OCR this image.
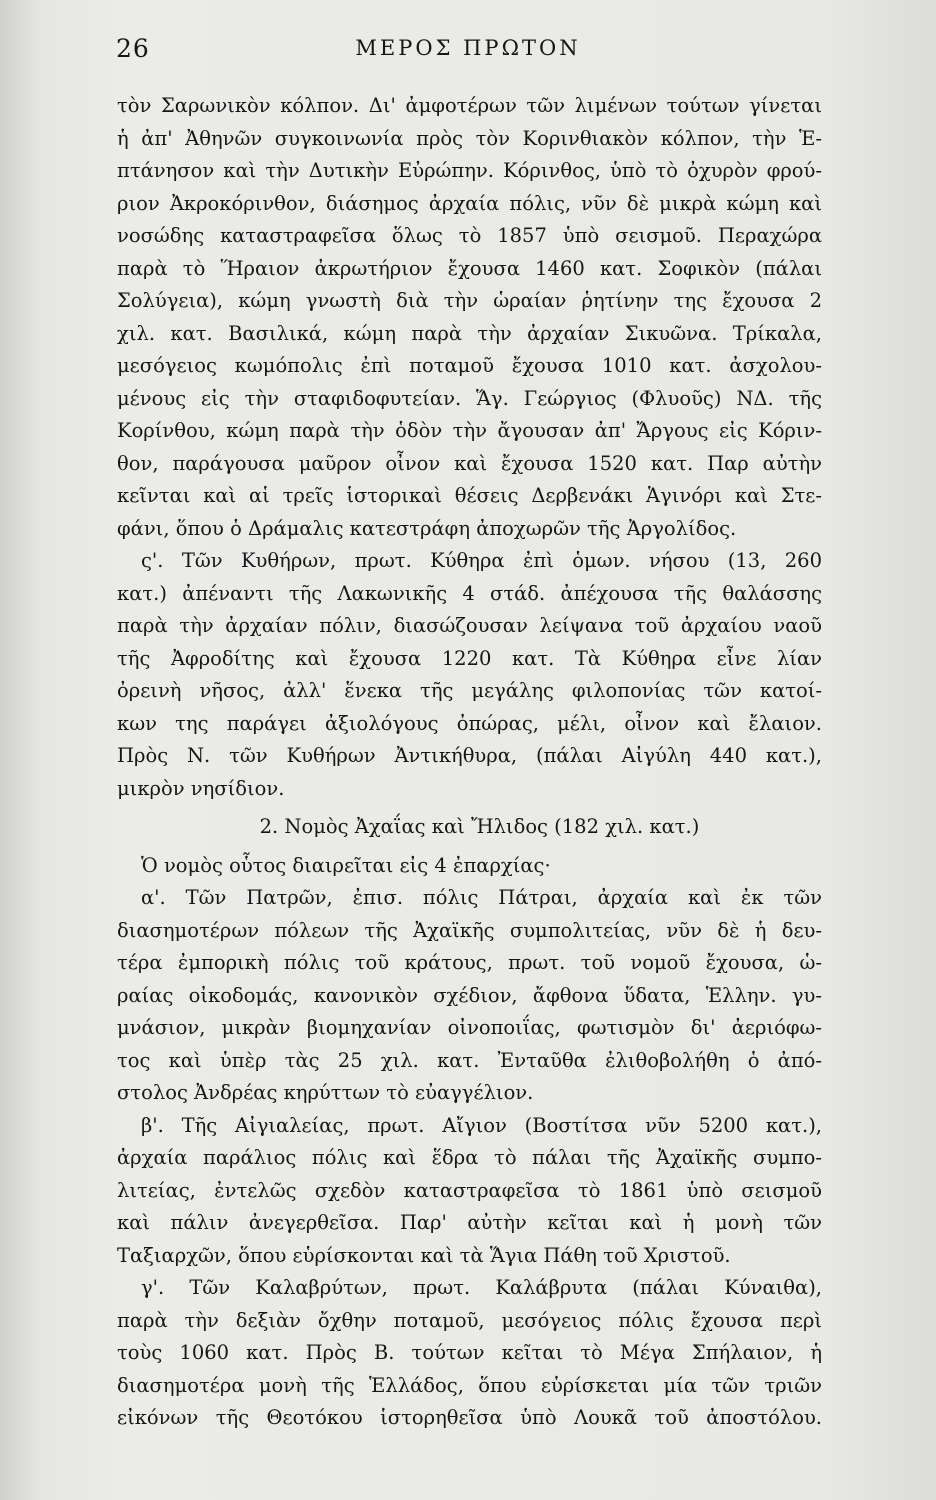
26	ΜΕΡΟΣ ΠΡΩΤΟΝ
τὸν Σαρωνικὸν κόλπον. Δι' ἀμφοτέρων τῶν λιμένων τούτων γίνεται
ἡ ἀπ' Ἀθηνῶν συγκοινωνία πρὸς τὸν Κορινθιακὸν κόλπον, τὴν Ἑ-
πτάνησον καὶ τὴν Δυτικὴν Εὐρώπην. Κόρινθος, ὑπὸ τὸ ὀχυρὸν φρού-
ριον Ἀκροκόρινθον, διάσημος ἀρχαία πόλις, νῦν δὲ μικρὰ κώμη καὶ
νοσώδης καταστραφεῖσα ὅλως τὸ 1857 ὑπὸ σεισμοῦ. Περαχώρα
παρὰ τὸ Ἥραιον ἀκρωτήριον ἔχουσα 1460 κατ. Σοφικὸν (πάλαι
Σολύγεια), κώμη γνωστὴ διὰ τὴν ὡραίαν ῥητίνην της ἔχουσα 2
χιλ. κατ. Βασιλικά, κώμη παρὰ τὴν ἀρχαίαν Σικυῶνα. Τρίκαλα,
μεσόγειος κωμόπολις ἐπὶ ποταμοῦ ἔχουσα 1010 κατ. ἀσχολου-
μένους εἰς τὴν σταφιδοφυτείαν. Ἅγ. Γεώργιος (Φλυοῦς) ΝΔ. τῆς
Κορίνθου, κώμη παρὰ τὴν ὁδὸν τὴν ἄγουσαν ἀπ' Ἄργους εἰς Κόριν-
θον, παράγουσα μαῦρον οἶνον καὶ ἔχουσα 1520 κατ. Παρ αὐτὴν
κεῖνται καὶ αἱ τρεῖς ἱστορικαὶ θέσεις Δερβενάκι Ἁγινόρι καὶ Στε-
φάνι, ὅπου ὁ Δράμαλις κατεστράφη ἀποχωρῶν τῆς Ἀργολίδος.
ς'. Τῶν Κυθήρων, πρωτ. Κύθηρα ἐπὶ ὁμων. νήσου (13, 260
κατ.) ἀπέναντι τῆς Λακωνικῆς 4 στάδ. ἀπέχουσα τῆς θαλάσσης
παρὰ τὴν ἀρχαίαν πόλιν, διασώζουσαν λείψανα τοῦ ἀρχαίου ναοῦ
τῆς Ἀφροδίτης καὶ ἔχουσα 1220 κατ. Τὰ Κύθηρα εἶνε λίαν
ὀρεινὴ νῆσος, ἀλλ' ἕνεκα τῆς μεγάλης φιλοπονίας τῶν κατοί-
κων της παράγει ἀξιολόγους ὀπώρας, μέλι, οἶνον καὶ ἔλαιον.
Πρὸς Ν. τῶν Κυθήρων Ἀντικήθυρα, (πάλαι Αἰγύλη 440 κατ.),
μικρὸν νησίδιον.
2. Νομὸς Ἀχαΐας καὶ Ἤλιδος (182 χιλ. κατ.)
Ὁ νομὸς οὗτος διαιρεῖται εἰς 4 ἐπαρχίας·
α'. Τῶν Πατρῶν, ἐπισ. πόλις Πάτραι, ἀρχαία καὶ ἐκ τῶν
διασημοτέρων πόλεων τῆς Ἀχαϊκῆς συμπολιτείας, νῦν δὲ ἡ δευ-
τέρα ἐμπορικὴ πόλις τοῦ κράτους, πρωτ. τοῦ νομοῦ ἔχουσα, ὡ-
ραίας οἰκοδομάς, κανονικὸν σχέδιον, ἄφθονα ὕδατα, Ἑλλην. γυ-
μνάσιον, μικρὰν βιομηχανίαν οἰνοποιΐας, φωτισμὸν δι' ἀεριόφω-
τος καὶ ὑπὲρ τὰς 25 χιλ. κατ. Ἐνταῦθα ἐλιθοβολήθη ὁ ἀπό-
στολος Ἀνδρέας κηρύττων τὸ εὐαγγέλιον.
β'. Τῆς Αἰγιαλείας, πρωτ. Αἴγιον (Βοστίτσα νῦν 5200 κατ.),
ἀρχαία παράλιος πόλις καὶ ἕδρα τὸ πάλαι τῆς Ἀχαϊκῆς συμπο-
λιτείας, ἐντελῶς σχεδὸν καταστραφεῖσα τὸ 1861 ὑπὸ σεισμοῦ
καὶ πάλιν ἀνεγερθεῖσα. Παρ' αὐτὴν κεῖται καὶ ἡ μονὴ τῶν
Ταξιαρχῶν, ὅπου εὑρίσκονται καὶ τὰ Ἅγια Πάθη τοῦ Χριστοῦ.
γ'. Τῶν Καλαβρύτων, πρωτ. Καλάβρυτα (πάλαι Κύναιθα),
παρὰ τὴν δεξιὰν ὄχθην ποταμοῦ, μεσόγειος πόλις ἔχουσα περὶ
τοὺς 1060 κατ. Πρὸς Β. τούτων κεῖται τὸ Μέγα Σπήλαιον, ἡ
διασημοτέρα μονὴ τῆς Ἑλλάδος, ὅπου εὑρίσκεται μία τῶν τριῶν
εἰκόνων τῆς Θεοτόκου ἱστορηθεῖσα ὑπὸ Λουκᾶ τοῦ ἀποστόλου.
